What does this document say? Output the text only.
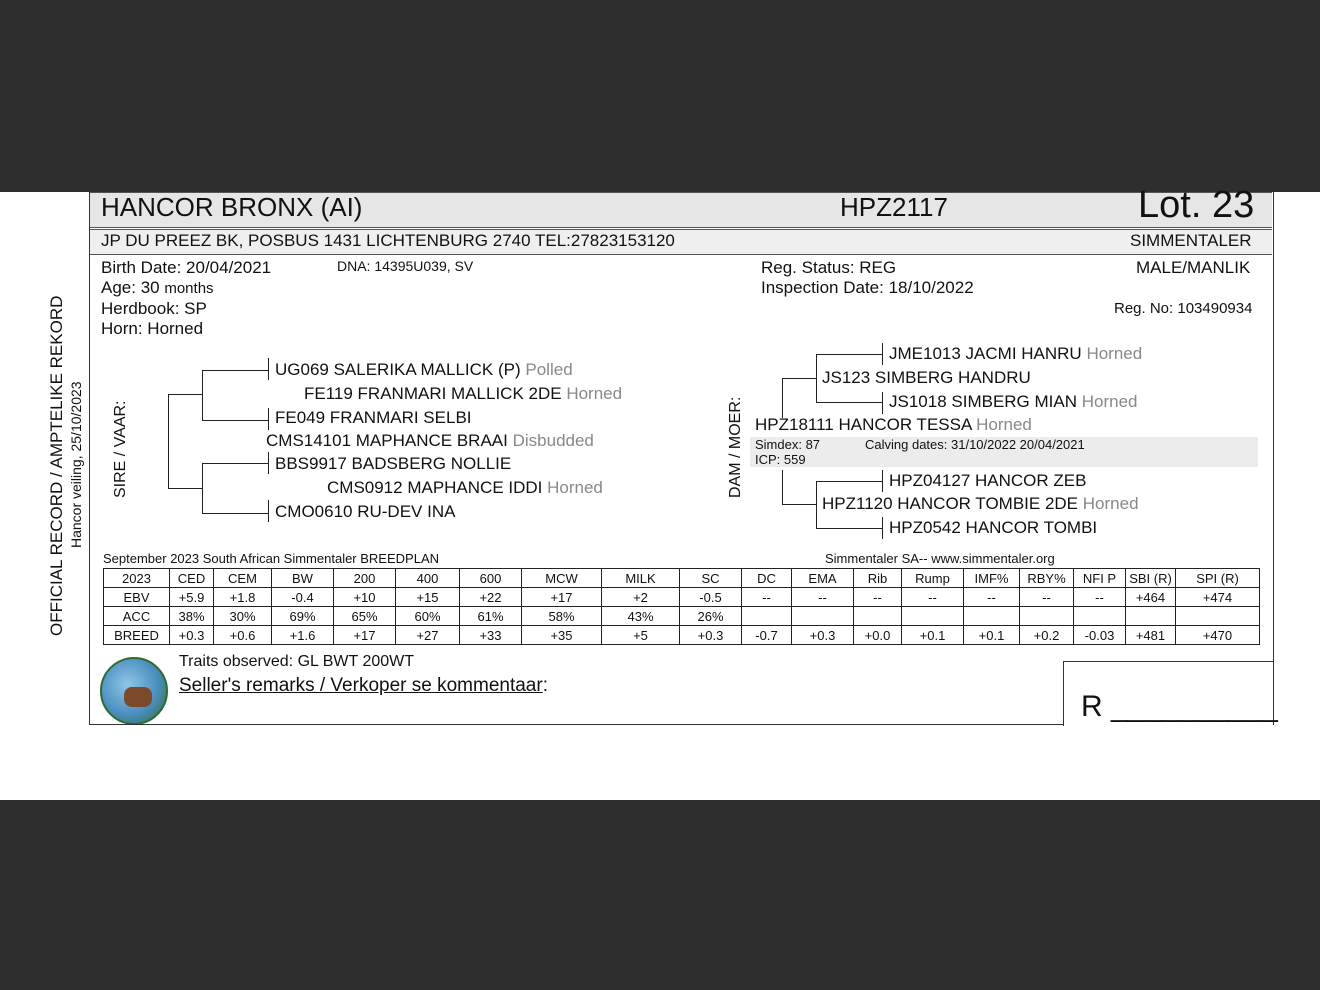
HANCOR BRONX (AI)	HPZ2117	Lot. 23
JP DU PREEZ BK, POSBUS 1431 LICHTENBURG 2740 TEL:27823153120	SIMMENTALER
Birth Date: 20/04/2021	DNA: 14395U039, SV
Age: 30 months
Herdbook: SP
Horn: Horned
Reg. Status: REG
Inspection Date: 18/10/2022
MALE/MANLIK
Reg. No: 103490934
OFFICIAL RECORD / AMPTELIKE REKORD Hancor veiling, 25/10/2023 SIRE / VAAR:	DAM / MOER:
UG069 SALERIKA MALLICK (P) Polled
FE119 FRANMARI MALLICK 2DE Horned
FE049 FRANMARI SELBI
CMS14101 MAPHANCE BRAAI Disbudded
BBS9917 BADSBERG NOLLIE
CMS0912 MAPHANCE IDDI Horned
CMO0610 RU-DEV INA
JME1013 JACMI HANRU Horned
JS123 SIMBERG HANDRU
JS1018 SIMBERG MIAN Horned
HPZ18111 HANCOR TESSA Horned
Simdex: 87	Calving dates: 31/10/2022 20/04/2021
ICP: 559
HPZ04127 HANCOR ZEB
HPZ1120 HANCOR TOMBIE 2DE Horned
HPZ0542 HANCOR TOMBI
September 2023 South African Simmentaler BREEDPLAN	Simmentaler SA-- www.simmentaler.org
2023	CED	CEM	BW	200	400	600	MCW	MILK	SC	DC	EMA	Rib	Rump	IMF%	RBY%	NFI P	SBI (R)	SPI (R)
EBV	+5.9	+1.8	-0.4	+10	+15	+22	+17	+2	-0.5	--	--	--	--	--	--	--	+464	+474
ACC	38%	30%	69%	65%	60%	61%	58%	43%	26%									
BREED	+0.3	+0.6	+1.6	+17	+27	+33	+35	+5	+0.3	-0.7	+0.3	+0.0	+0.1	+0.1	+0.2	-0.03	+481	+470
Traits observed: GL BWT 200WT
Seller's remarks / Verkoper se kommentaar:
R __________
